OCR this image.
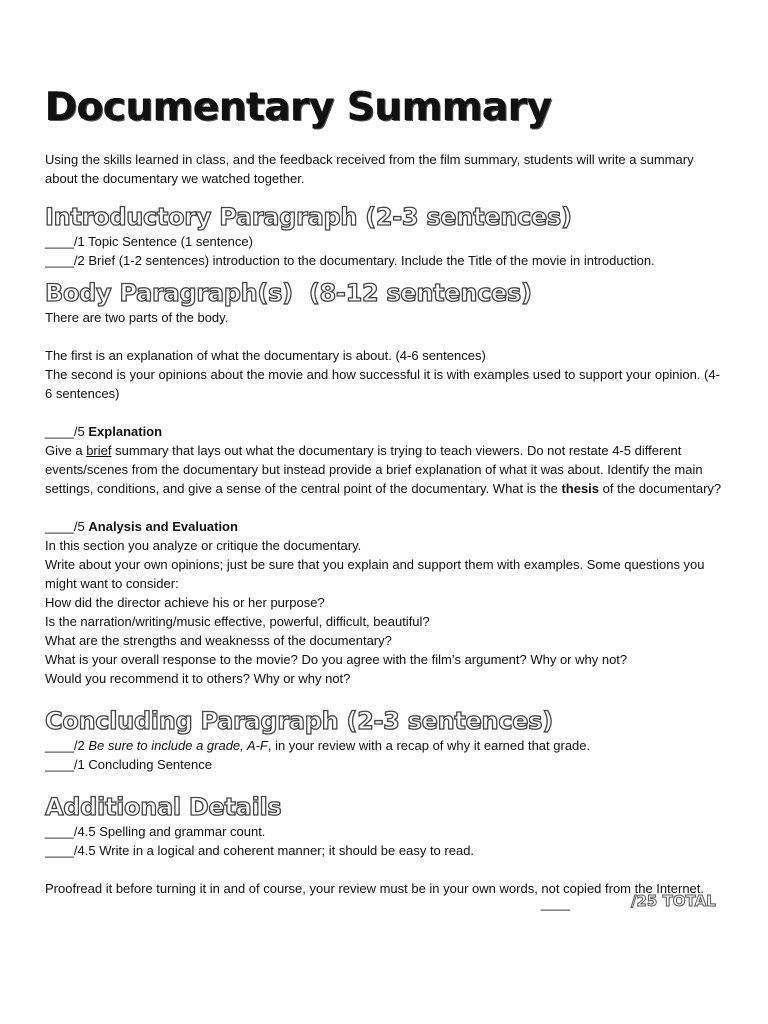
Documentary Summary

Using the skills learned in class, and the feedback received from the film summary, students will write a summary about the documentary we watched together.

Introductory Paragraph (2-3 sentences)

____/1 Topic Sentence (1 sentence)

____/2 Brief (1-2 sentences) introduction to the documentary. Include the Title of the movie in introduction.

Body Paragraph(s)  (8-12 sentences)

There are two parts of the body.

The first is an explanation of what the documentary is about. (4-6 sentences)

The second is your opinions about the movie and how successful it is with examples used to support your opinion. (4-6 sentences)

____/5 Explanation

Give a brief summary that lays out what the documentary is trying to teach viewers. Do not restate 4-5 different events/scenes from the documentary but instead provide a brief explanation of what it was about. Identify the main settings, conditions, and give a sense of the central point of the documentary. What is the thesis of the documentary?

____/5 Analysis and Evaluation

In this section you analyze or critique the documentary.

Write about your own opinions; just be sure that you explain and support them with examples. Some questions you might want to consider:

How did the director achieve his or her purpose?

Is the narration/writing/music effective, powerful, difficult, beautiful?

What are the strengths and weaknesss of the documentary?

What is your overall response to the movie? Do you agree with the film’s argument? Why or why not?

Would you recommend it to others? Why or why not?

Concluding Paragraph (2-3 sentences)

____/2 Be sure to include a grade, A-F, in your review with a recap of why it earned that grade.

____/1 Concluding Sentence

Additional Details

____/4.5 Spelling and grammar count.

____/4.5 Write in a logical and coherent manner; it should be easy to read.

Proofread it before turning it in and of course, your review must be in your own words, not copied from the Internet.

____	/25 TOTAL
